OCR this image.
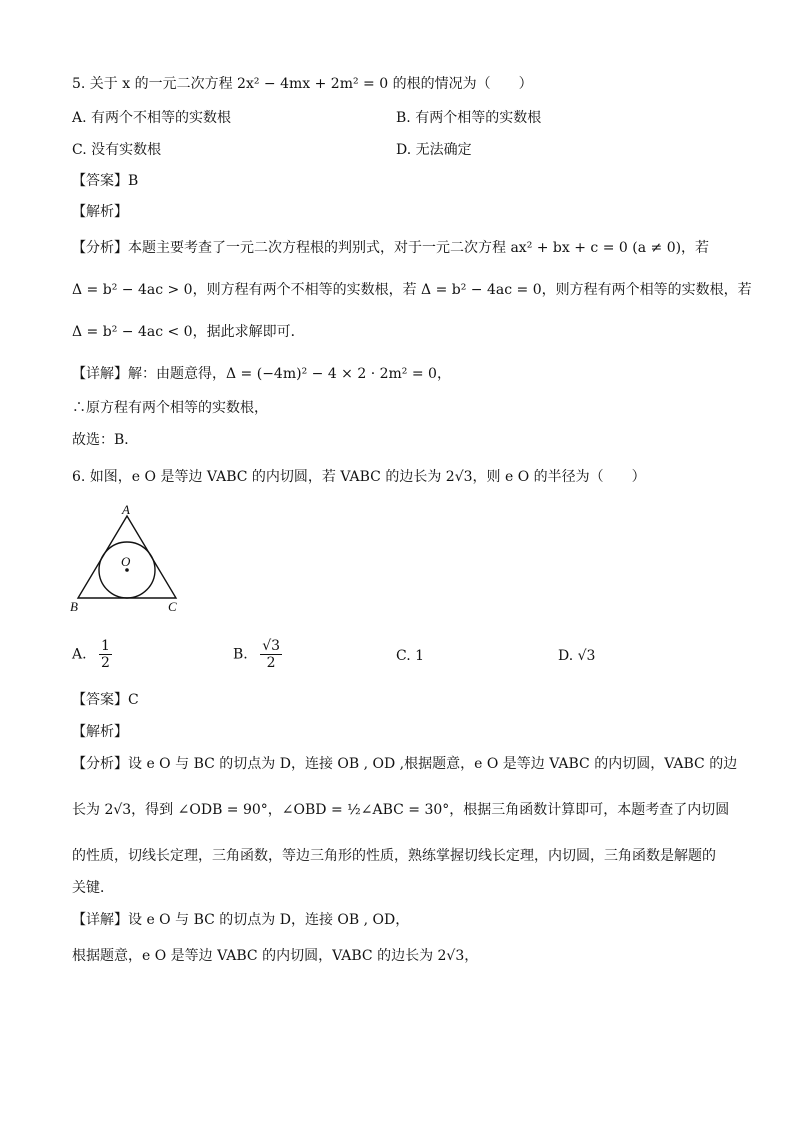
5. 关于 x 的一元二次方程 2x² − 4mx + 2m² = 0 的根的情况为（　　）
A. 有两个不相等的实数根	B. 有两个相等的实数根
C. 没有实数根	D. 无法确定
【答案】B
【解析】
【分析】本题主要考查了一元二次方程根的判别式，对于一元二次方程 ax² + bx + c = 0 (a ≠ 0)，若
Δ = b² − 4ac > 0，则方程有两个不相等的实数根，若 Δ = b² − 4ac = 0，则方程有两个相等的实数根，若
Δ = b² − 4ac < 0，据此求解即可．
【详解】解：由题意得，Δ = (−4m)² − 4 × 2 · 2m² = 0，
∴原方程有两个相等的实数根，
故选：B．
6. 如图，e O 是等边 VABC 的内切圆，若 VABC 的边长为 2√3，则 e O 的半径为（　　）
A
B	C
O
A. $\frac{1}{2}$	B. $\frac{√3}{2}$	C. 1	D. √3
【答案】C
【解析】
【分析】设 e O 与 BC 的切点为 D，连接 OB , OD ,根据题意，e O 是等边 VABC 的内切圆，VABC 的边
长为 2√3，得到 ∠ODB = 90°，∠OBD = ½∠ABC = 30°，根据三角函数计算即可，本题考查了内切圆
的性质，切线长定理，三角函数，等边三角形的性质，熟练掌握切线长定理，内切圆，三角函数是解题的
关键．
【详解】设 e O 与 BC 的切点为 D，连接 OB , OD，
根据题意，e O 是等边 VABC 的内切圆，VABC 的边长为 2√3，
